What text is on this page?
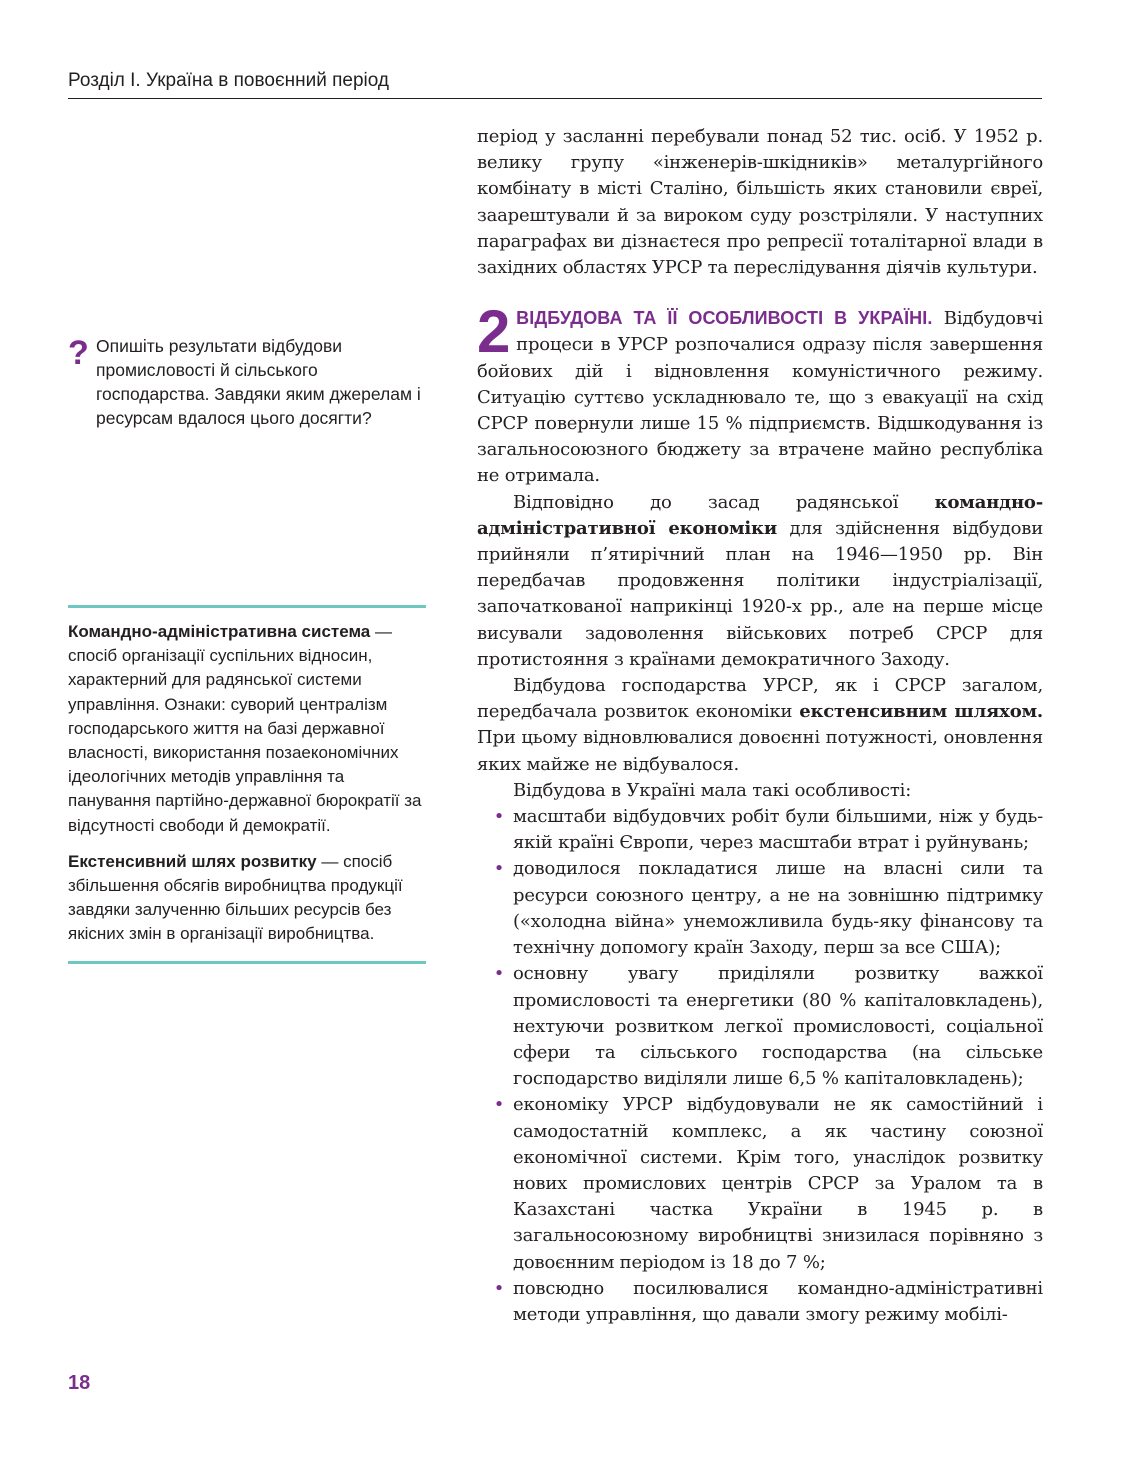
Розділ І. Україна в повоєнний період
? Опишіть результати відбудови промисловості й сільського господарства. Завдяки яким джерелам і ресурсам вдалося цього досягти?

Командно-адміністративна система — спосіб організації суспільних відносин, характерний для радянської системи управління. Ознаки: суворий централізм господарського життя на базі державної власності, використання позаекономічних ідеологічних методів управління та панування партійно-державної бюрократії за відсутності свободи й демократії.

Екстенсивний шлях розвитку — спосіб збільшення обсягів виробництва продукції завдяки залученню більших ресурсів без якісних змін в організації виробництва.

період у засланні перебували понад 52 тис. осіб. У 1952 р. велику групу «інженерів-шкідників» металургійного комбінату в місті Сталіно, більшість яких становили євреї, заарештували й за вироком суду розстріляли. У наступних параграфах ви дізнаєтеся про репресії тоталітарної влади в західних областях УРСР та переслідування діячів культури.

2 ВІДБУДОВА ТА ЇЇ ОСОБЛИВОСТІ В УКРАЇНІ. Відбудовчі процеси в УРСР розпочалися одразу після завершення бойових дій і відновлення комуністичного режиму. Ситуацію суттєво ускладнювало те, що з евакуації на схід СРСР повернули лише 15 % підприємств. Відшкодування із загальносоюзного бюджету за втрачене майно республіка не отримала.

Відповідно до засад радянської командно-адміністративної економіки для здійснення відбудови прийняли п’ятирічний план на 1946—1950 рр. Він передбачав продовження політики індустріалізації, започаткованої наприкінці 1920-х рр., але на перше місце висували задоволення військових потреб СРСР для протистояння з країнами демократичного Заходу.

Відбудова господарства УРСР, як і СРСР загалом, передбачала розвиток економіки екстенсивним шляхом. При цьому відновлювалися довоєнні потужності, оновлення яких майже не відбувалося.

Відбудова в Україні мала такі особливості:

• масштаби відбудовчих робіт були більшими, ніж у будь-якій країні Європи, через масштаби втрат і руйнувань;

• доводилося покладатися лише на власні сили та ресурси союзного центру, а не на зовнішню підтримку («холодна війна» унеможливила будь-яку фінансову та технічну допомогу країн Заходу, перш за все США);

• основну увагу приділяли розвитку важкої промисловості та енергетики (80 % капіталовкладень), нехтуючи розвитком легкої промисловості, соціальної сфери та сільського господарства (на сільське господарство виділяли лише 6,5 % капіталовкладень);

• економіку УРСР відбудовували не як самостійний і самодостатній комплекс, а як частину союзної економічної системи. Крім того, унаслідок розвитку нових промислових центрів СРСР за Уралом та в Казахстані частка України в 1945 р. в загальносоюзному виробництві знизилася порівняно з довоєнним періодом із 18 до 7 %;

• повсюдно посилювалися командно-адміністративні методи управління, що давали змогу режиму мобілі-

18
